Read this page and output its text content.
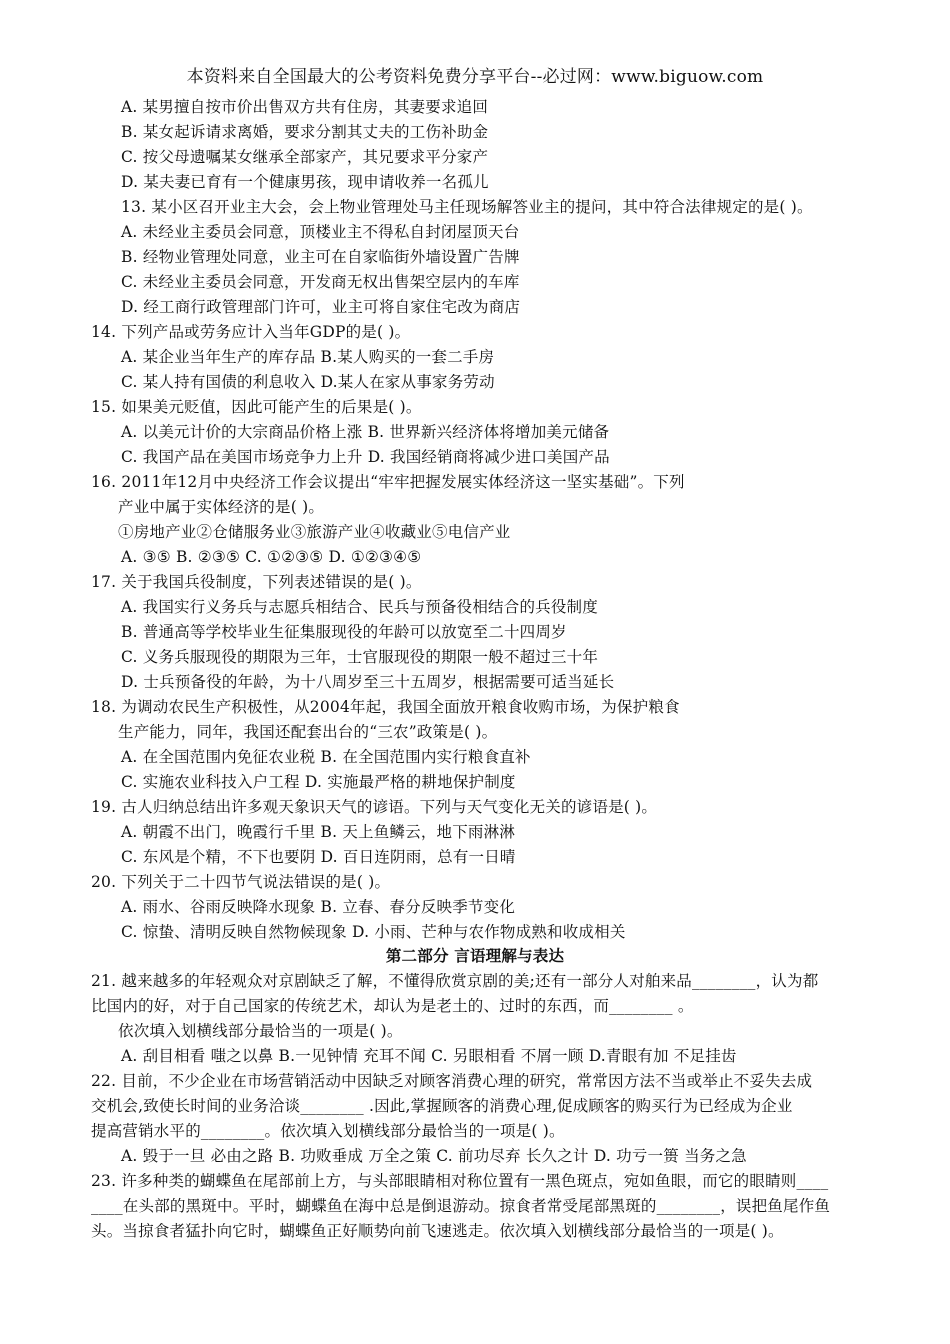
本资料来自全国最大的公考资料免费分享平台--必过网：www.biguow.com
A. 某男擅自按市价出售双方共有住房，其妻要求追回
B. 某女起诉请求离婚，要求分割其丈夫的工伤补助金
C. 按父母遗嘱某女继承全部家产，其兄要求平分家产
D. 某夫妻已育有一个健康男孩，现申请收养一名孤儿
13. 某小区召开业主大会，会上物业管理处马主任现场解答业主的提问，其中符合法律规定的是( )。
A. 未经业主委员会同意，顶楼业主不得私自封闭屋顶天台
B. 经物业管理处同意，业主可在自家临街外墙设置广告牌
C. 未经业主委员会同意，开发商无权出售架空层内的车库
D. 经工商行政管理部门许可，业主可将自家住宅改为商店
14. 下列产品或劳务应计入当年GDP的是( )。
A. 某企业当年生产的库存品 B.某人购买的一套二手房
C. 某人持有国债的利息收入 D.某人在家从事家务劳动
15. 如果美元贬值，因此可能产生的后果是( )。
A. 以美元计价的大宗商品价格上涨 B. 世界新兴经济体将增加美元储备
C. 我国产品在美国市场竞争力上升 D. 我国经销商将减少进口美国产品
16. 2011年12月中央经济工作会议提出“牢牢把握发展实体经济这一坚实基础”。下列
产业中属于实体经济的是( )。
①房地产业②仓储服务业③旅游产业④收藏业⑤电信产业
A. ③⑤ B. ②③⑤ C. ①②③⑤ D. ①②③④⑤
17. 关于我国兵役制度，下列表述错误的是( )。
A. 我国实行义务兵与志愿兵相结合、民兵与预备役相结合的兵役制度
B. 普通高等学校毕业生征集服现役的年龄可以放宽至二十四周岁
C. 义务兵服现役的期限为三年，士官服现役的期限一般不超过三十年
D. 士兵预备役的年龄，为十八周岁至三十五周岁，根据需要可适当延长
18. 为调动农民生产积极性，从2004年起，我国全面放开粮食收购市场，为保护粮食
生产能力，同年，我国还配套出台的“三农”政策是( )。
A. 在全国范围内免征农业税 B. 在全国范围内实行粮食直补
C. 实施农业科技入户工程 D. 实施最严格的耕地保护制度
19. 古人归纳总结出许多观天象识天气的谚语。下列与天气变化无关的谚语是( )。
A. 朝霞不出门，晚霞行千里 B. 天上鱼鳞云，地下雨淋淋
C. 东风是个精，不下也要阴 D. 百日连阴雨，总有一日晴
20. 下列关于二十四节气说法错误的是( )。
A. 雨水、谷雨反映降水现象 B. 立春、春分反映季节变化
C. 惊蛰、清明反映自然物候现象 D. 小雨、芒种与农作物成熟和收成相关
第二部分 言语理解与表达
21. 越来越多的年轻观众对京剧缺乏了解，不懂得欣赏京剧的美;还有一部分人对舶来品________，认为都
比国内的好，对于自己国家的传统艺术，却认为是老土的、过时的东西，而________ 。
依次填入划横线部分最恰当的一项是( )。
A. 刮目相看 嗤之以鼻 B.一见钟情 充耳不闻 C. 另眼相看 不屑一顾 D.青眼有加 不足挂齿
22. 目前，不少企业在市场营销活动中因缺乏对顾客消费心理的研究，常常因方法不当或举止不妥失去成
交机会,致使长时间的业务洽谈________ .因此,掌握顾客的消费心理,促成顾客的购买行为已经成为企业
提高营销水平的________。依次填入划横线部分最恰当的一项是( )。
A. 毁于一旦 必由之路 B. 功败垂成 万全之策 C. 前功尽弃 长久之计 D. 功亏一篑 当务之急
23. 许多种类的蝴蝶鱼在尾部前上方，与头部眼睛相对称位置有一黑色斑点，宛如鱼眼，而它的眼睛则____
____在头部的黑斑中。平时，蝴蝶鱼在海中总是倒退游动。掠食者常受尾部黑斑的________，误把鱼尾作鱼
头。当掠食者猛扑向它时，蝴蝶鱼正好顺势向前飞速逃走。依次填入划横线部分最恰当的一项是( )。
